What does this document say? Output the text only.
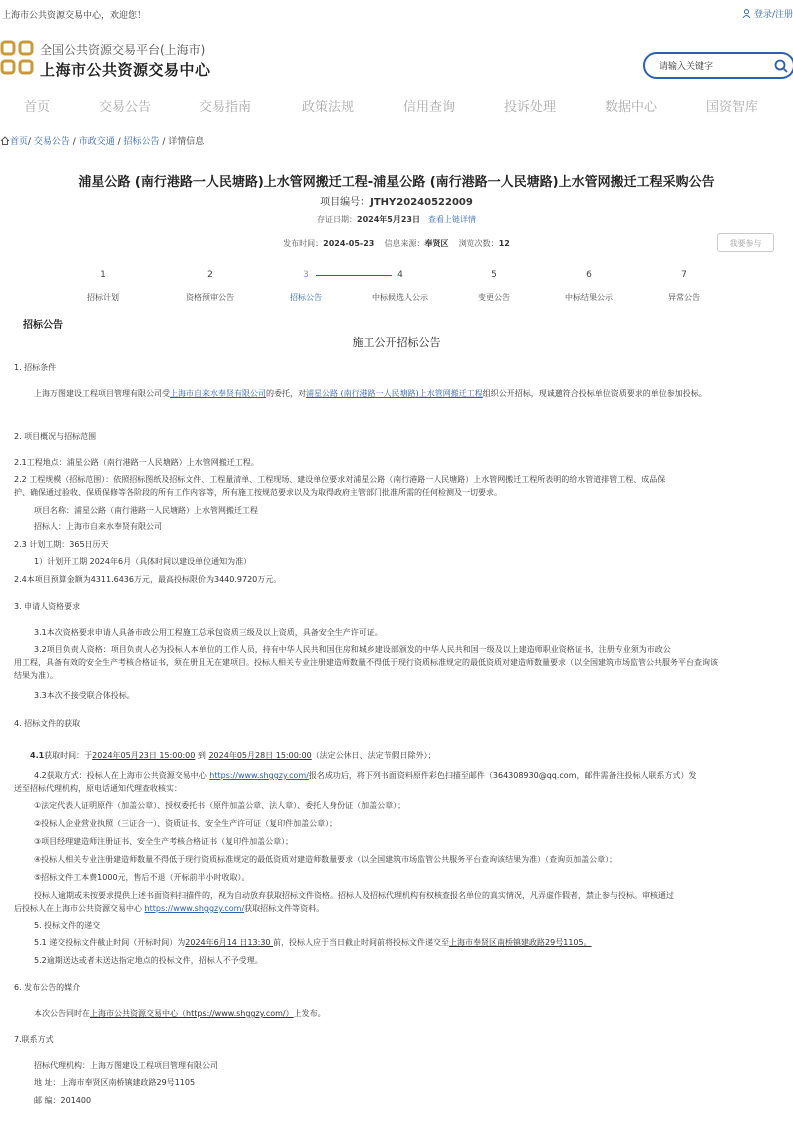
上海市公共资源交易中心，欢迎您！	登录/注册
全国公共资源交易平台(上海市)
上海市公共资源交易中心
请输入关键字
首页	交易公告	交易指南	政策法规	信用查询	投诉处理	数据中心	国资智库
首页/ 交易公告 / 市政交通 / 招标公告 / 详情信息
浦星公路 (南行港路一人民塘路)上水管网搬迁工程-浦星公路 (南行港路一人民塘路)上水管网搬迁工程采购公告
项目编号：JTHY20240522009
存证日期：2024年5月23日 查看上链详情
发布时间：2024-05-23 信息来源：奉贤区 浏览次数：12	我要参与
1	2	3	4	5	6	7
招标计划	资格预审公告	招标公告	中标候选人公示	变更公告	中标结果公示	异常公告
招标公告
施工公开招标公告
1. 招标条件
上海万图建设工程项目管理有限公司受上海市自来水奉贤有限公司的委托，对浦星公路 (南行港路一人民塘路)上水管网搬迁工程组织公开招标，现诚邀符合投标单位资质要求的单位参加投标。
2. 项目概况与招标范围
2.1工程地点：浦星公路（南行港路一人民塘路）上水管网搬迁工程。
2.2 工程规模（招标范围）：依照招标图纸及招标文件、工程量清单、工程现场、建设单位要求对浦星公路（南行港路一人民塘路）上水管网搬迁工程所表明的给水管道排管工程、成品保
护、确保通过验收、保质保修等各阶段的所有工作内容等，所有施工按规范要求以及为取得政府主管部门批准所需的任何检测及一切要求。
项目名称：浦星公路（南行港路一人民塘路）上水管网搬迁工程
招标人：上海市自来水奉贤有限公司
2.3 计划工期：365日历天
1）计划开工期 2024年6月（具体时间以建设单位通知为准）
2.4本项目预算金额为4311.6436万元，最高投标限价为3440.9720万元。
3. 申请人资格要求
3.1本次资格要求申请人具备市政公用工程施工总承包资质三级及以上资质，具备安全生产许可证。
3.2项目负责人资格：项目负责人必为投标人本单位的工作人员，持有中华人民共和国住房和城乡建设部颁发的中华人民共和国一级及以上建造师职业资格证书，注册专业须为市政公
用工程，具备有效的安全生产考核合格证书，须在册且无在建项目。投标人相关专业注册建造师数量不得低于现行资质标准规定的最低资质对建造师数量要求（以全国建筑市场监管公共服务平台查询该
结果为准）。
3.3本次不接受联合体投标。
4. 招标文件的获取
4.1获取时间：于2024年05月23日 15:00:00 到 2024年05月28日 15:00:00（法定公休日、法定节假日除外）；
4.2获取方式：投标人在上海市公共资源交易中心 https://www.shggzy.com/报名成功后，将下列书面资料原件彩色扫描至邮件（364308930@qq.com，邮件需备注投标人联系方式）发
送至招标代理机构，原电话通知代理查收核实：
①法定代表人证明原件（加盖公章）、授权委托书（原件加盖公章、法人章）、委托人身份证（加盖公章）；
②投标人企业营业执照（三证合一）、资质证书、安全生产许可证（复印件加盖公章）；
③项目经理建造师注册证书、安全生产考核合格证书（复印件加盖公章）；
④投标人相关专业注册建造师数量不得低于现行资质标准规定的最低资质对建造师数量要求（以全国建筑市场监管公共服务平台查询该结果为准）（查询页加盖公章）；
⑤招标文件工本费1000元，售后不退（开标前半小时收取）。
投标人逾期或未按要求提供上述书面资料扫描件的，视为自动放弃获取招标文件资格。招标人及招标代理机构有权核查报名单位的真实情况，凡弄虚作假者，禁止参与投标。审核通过
后投标人在上海市公共资源交易中心 https://www.shggzy.com/获取招标文件等资料。
5. 投标文件的递交
5.1 递交投标文件截止时间（开标时间）为2024年6月14 日13:30 前，投标人应于当日截止时间前将投标文件递交至上海市奉贤区南桥镇建政路29号1105。
5.2逾期送达或者未送达指定地点的投标文件，招标人不予受理。
6. 发布公告的媒介
本次公告同时在上海市公共资源交易中心（https://www.shggzy.com/）上发布。
7.联系方式
招标代理机构：上海万图建设工程项目管理有限公司
地 址：上海市奉贤区南桥镇建政路29号1105
邮 编：201400
